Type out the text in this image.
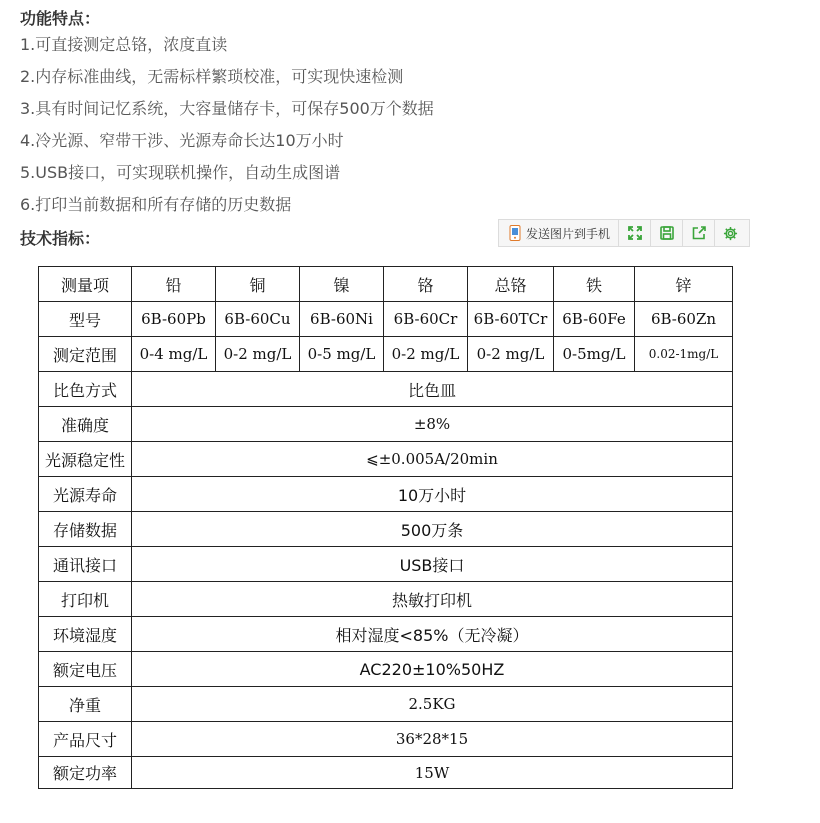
功能特点：
1.可直接测定总铬，浓度直读
2.内存标准曲线，无需标样繁琐校准，可实现快速检测
3.具有时间记忆系统，大容量储存卡，可保存500万个数据
4.冷光源、窄带干涉、光源寿命长达10万小时
5.USB接口，可实现联机操作，自动生成图谱
6.打印当前数据和所有存储的历史数据
技术指标：	发送图片到手机
测量项	铅	铜	镍	铬	总铬	铁	锌
型号	6B-60Pb	6B-60Cu	6B-60Ni	6B-60Cr	6B-60TCr	6B-60Fe	6B-60Zn
测定范围	0-4 mg/L	0-2 mg/L	0-5 mg/L	0-2 mg/L	0-2 mg/L	0-5mg/L	0.02-1mg/L
比色方式	比色皿						
准确度	±8%						
光源稳定性	⩽±0.005A/20min						
光源寿命	10万小时						
存储数据	500万条						
通讯接口	USB接口						
打印机	热敏打印机						
环境湿度	相对湿度<85%（无冷凝）						
额定电压	AC220±10%50HZ						
净重	2.5KG						
产品尺寸	36*28*15						
额定功率	15W						
